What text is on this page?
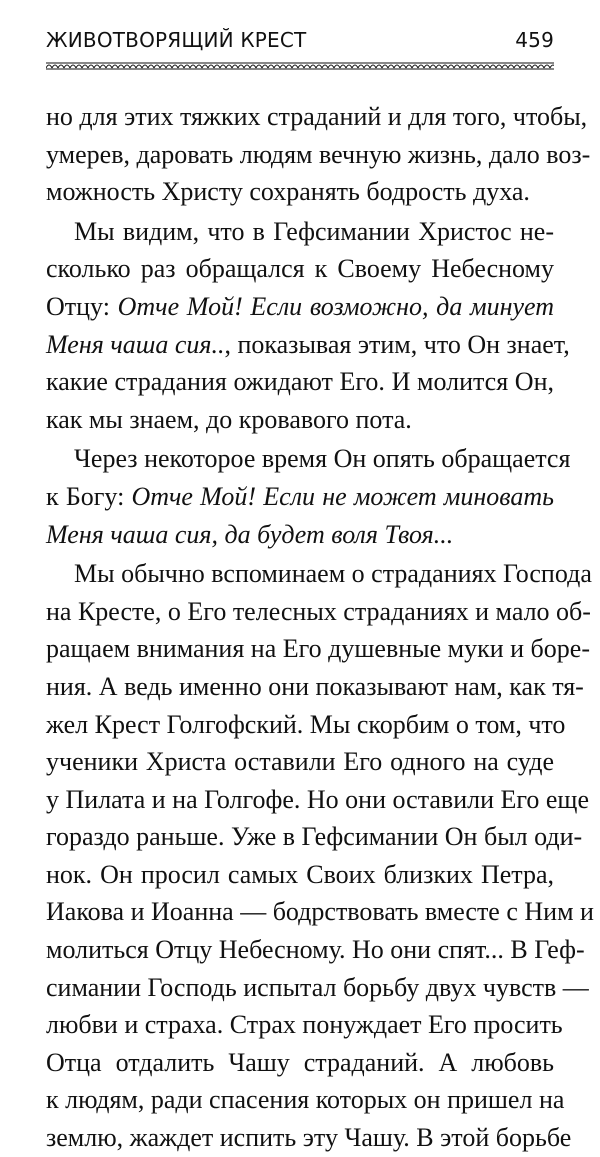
ЖИВОТВОРЯЩИЙ КРЕСТ	459
но для этих тяжких страданий и для того, чтобы,
умерев, даровать людям вечную жизнь, дало воз-
можность Христу сохранять бодрость духа.
Мы видим, что в Гефсимании Христос не-
сколько раз обращался к Своему Небесному
Отцу: Отче Мой! Если возможно, да минует
Меня чаша сия.., показывая этим, что Он знает,
какие страдания ожидают Его. И молится Он,
как мы знаем, до кровавого пота.
Через некоторое время Он опять обращается
к Богу: Отче Мой! Если не может миновать
Меня чаша сия, да будет воля Твоя...
Мы обычно вспоминаем о страданиях Господа
на Кресте, о Его телесных страданиях и мало об-
ращаем внимания на Его душевные муки и боре-
ния. А ведь именно они показывают нам, как тя-
жел Крест Голгофский. Мы скорбим о том, что
ученики Христа оставили Его одного на суде
у Пилата и на Голгофе. Но они оставили Его еще
гораздо раньше. Уже в Гефсимании Он был оди-
нок. Он просил самых Своих близких Петра,
Иакова и Иоанна — бодрствовать вместе с Ним и
молиться Отцу Небесному. Но они спят... В Геф-
симании Господь испытал борьбу двух чувств —
любви и страха. Страх понуждает Его просить
Отца отдалить Чашу страданий. А любовь
к людям, ради спасения которых он пришел на
землю, жаждет испить эту Чашу. В этой борьбе
